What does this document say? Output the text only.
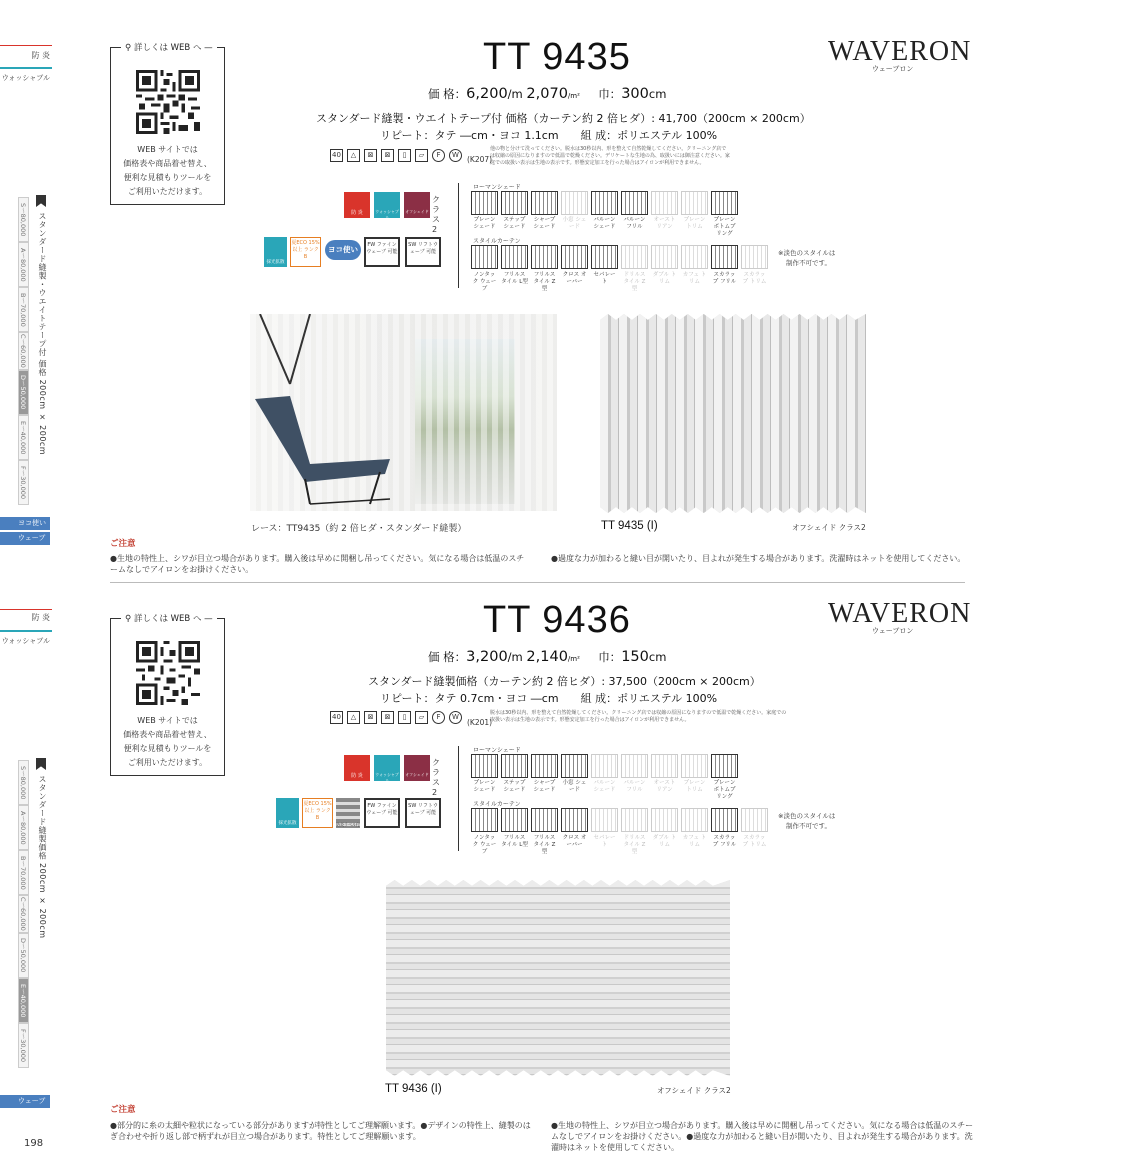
防 炎
ウォッシャブル
S〜80,000
A〜80,000
B〜70,000
C〜60,000
D〜50,000
E〜40,000
F〜30,000
スタンダード縫製・ウエイトテープ付 価格 200cm × 200cm
ヨコ使い
ウェーブロン
防 炎
ウォッシャブル
S〜80,000
A〜80,000
B〜70,000
C〜60,000
D〜50,000
E〜40,000
F〜30,000
スタンダード縫製価格 200cm × 200cm
ウェーブロン
198
⚲ 詳しくは WEB へ —
WEB サイトでは
価格表や商品着せ替え、
便利な見積もりツールを
ご利用いただけます。
TT 9435	WAVERON
ウェーブロン
価 格：6,200/m 2,070/m² 巾：300cm
スタンダード縫製・ウエイトテープ付 価格（カーテン約 2 倍ヒダ）: 41,700（200cm × 200cm）
リピート：タテ ―cm・ヨコ 1.1cm　　組 成：ポリエステル 100%
40	△	⊠	⊠	▯	▱	F	W	(K207)
他の物と分けて洗ってください。脱水は30秒以内、形を整えて自然乾燥してください。クリーニング店では収縮の原因になりますので低温で乾燥ください。デリケートな生地の為、取扱いには御注意ください。家庭での取扱い表示は生地の表示です。形態安定加工を行った場合はアイロンが利用できません。
防 炎	ウォッシャブル
オフシェイド
クラス 2
採光拡散
夏ECO 15% 以上 ランク B
ヨコ使い	FW ファインウェーブ 可能
SW リフトウェーブ 可能
ローマンシェード
プレーン シェード
ステップ シェード
シャープ シェード
小窓 シェード
バルーン シェード
バルーン フリル
オースト リアン
プレーン トリム
プレーン ボトムプリング
スタイルカーテン
ノンタック ウェーブ
フリルスタイル L型
フリルスタイル Z型
クロス オーバー
セパレート
ドリルスタイル Z型
ダブル トリム
カフェ トリム
スカラップ フリル
スカラップ トリム
※淡色のスタイルは
制作不可です。
レース：TT9435（約 2 倍ヒダ・スタンダード縫製）	TT 9435 (I)	オフシェイド クラス2
ご注意
●生地の特性上、シワが目立つ場合があります。購入後は早めに開梱し吊ってください。気になる場合は低温のスチームなしでアイロンをお掛けください。
●過度な力が加わると縫い目が開いたり、目よれが発生する場合があります。洗濯時はネットを使用してください。
⚲ 詳しくは WEB へ —
WEB サイトでは
価格表や商品着せ替え、
便利な見積もりツールを
ご利用いただけます。
TT 9436	WAVERON
ウェーブロン
価 格：3,200/m 2,140/m² 巾：150cm
スタンダード縫製価格（カーテン約 2 倍ヒダ）: 37,500（200cm × 200cm）
リピート：タテ 0.7cm・ヨコ ―cm　　組 成：ポリエステル 100%
40	△	⊠	⊠	▯	▱	F	W
(K201)
脱水は30秒以内、形を整えて自然乾燥してください。クリーニング店では収縮の原因になりますので低温で乾燥ください。家庭での取扱い表示は生地の表示です。形態安定加工を行った場合はアイロンが利用できません。
防 炎	ウォッシャブル
オフシェイド
クラス 2
採光拡散
夏ECO 15% 以上 ランク B
防炎ラベル付
FW ファインウェーブ 可能
SW リフトウェーブ 可能
ローマンシェード
プレーン シェード
ステップ シェード
シャープ シェード
小窓 シェード
バルーン シェード
バルーン フリル
オースト リアン
プレーン トリム
プレーン ボトムプリング
スタイルカーテン
ノンタック ウェーブ
フリルスタイル L型
フリルスタイル Z型
クロス オーバー
セパレート
ドリルスタイル Z型
ダブル トリム
カフェ トリム
スカラップ フリル
スカラップ トリム
※淡色のスタイルは
制作不可です。
TT 9436 (I)	オフシェイド クラス2
ご注意
●部分的に糸の太細や粒状になっている部分がありますが特性としてご理解願います。●デザインの特性上、縫製のはぎ合わせや折り返し部で柄ずれが目立つ場合があります。特性としてご理解願います。
●生地の特性上、シワが目立つ場合があります。購入後は早めに開梱し吊ってください。気になる場合は低温のスチームなしでアイロンをお掛けください。●過度な力が加わると縫い目が開いたり、目よれが発生する場合があります。洗濯時はネットを使用してください。
